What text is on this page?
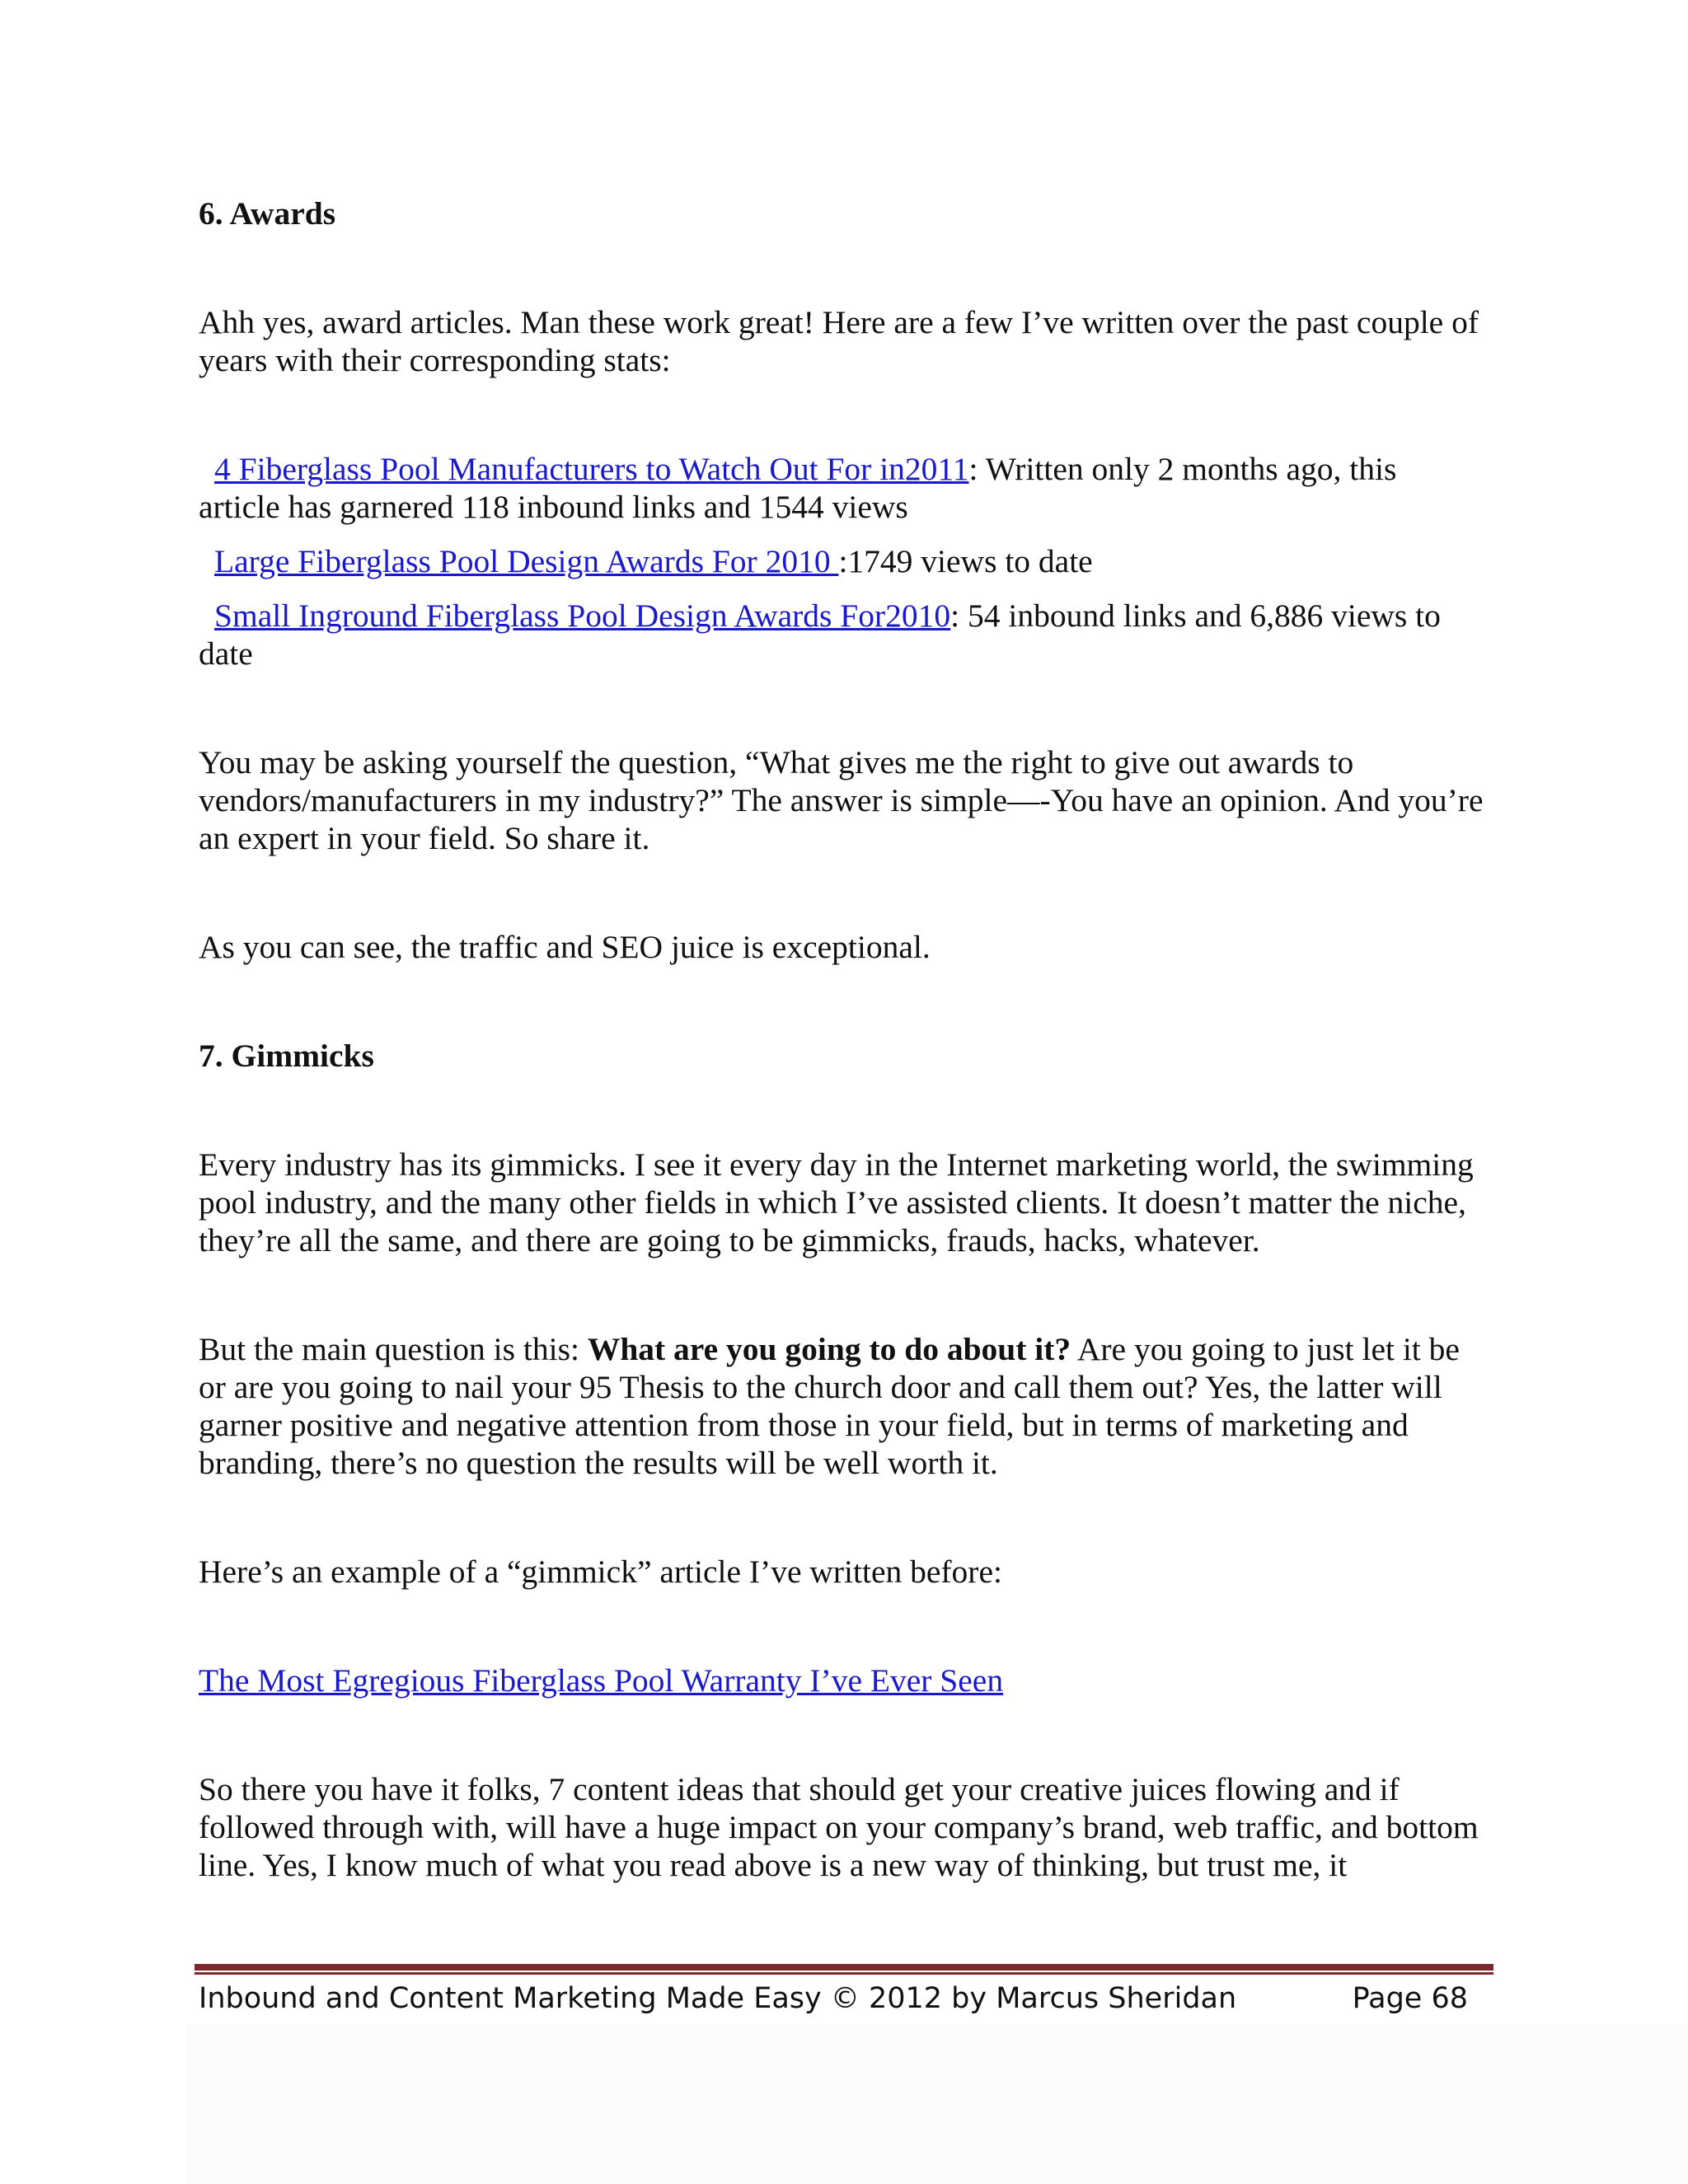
6. Awards

Ahh yes, award articles. Man these work great! Here are a few I’ve written over the past couple of years with their corresponding stats:

4 Fiberglass Pool Manufacturers to Watch Out For in2011: Written only 2 months ago, this article has garnered 118 inbound links and 1544 views

Large Fiberglass Pool Design Awards For 2010 :1749 views to date

Small Inground Fiberglass Pool Design Awards For2010: 54 inbound links and 6,886 views to date

You may be asking yourself the question, “What gives me the right to give out awards to vendors/manufacturers in my industry?” The answer is simple—-You have an opinion. And you’re an expert in your field. So share it.

As you can see, the traffic and SEO juice is exceptional.

7. Gimmicks

Every industry has its gimmicks. I see it every day in the Internet marketing world, the swimming pool industry, and the many other fields in which I’ve assisted clients. It doesn’t matter the niche, they’re all the same, and there are going to be gimmicks, frauds, hacks, whatever.

But the main question is this: What are you going to do about it? Are you going to just let it be or are you going to nail your 95 Thesis to the church door and call them out? Yes, the latter will garner positive and negative attention from those in your field, but in terms of marketing and branding, there’s no question the results will be well worth it.

Here’s an example of a “gimmick” article I’ve written before:

The Most Egregious Fiberglass Pool Warranty I’ve Ever Seen

So there you have it folks, 7 content ideas that should get your creative juices flowing and if followed through with, will have a huge impact on your company’s brand, web traffic, and bottom line. Yes, I know much of what you read above is a new way of thinking, but trust me, it

Inbound and Content Marketing Made Easy © 2012 by Marcus Sheridan	Page 68
